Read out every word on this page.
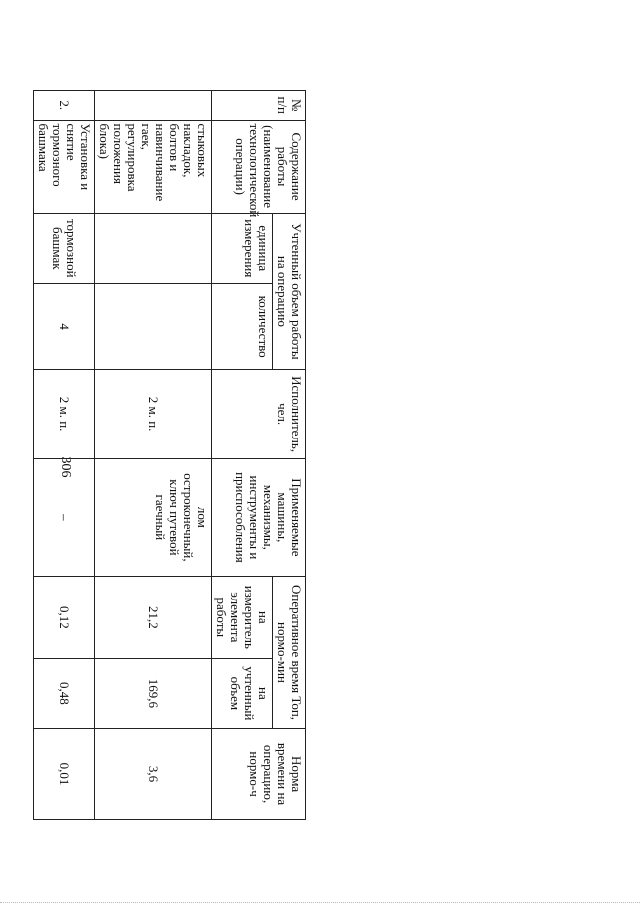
306
№ п/п	Содержание работы (наименование технологической операции)	Учтенный объем работы на операцию		Исполнитель, чел.	Применяемые машины, механизмы, инструменты и приспособления	Оперативное время Топ, нормо-мин		Норма времени на операцию, нормо-ч
		единица измерения	количество			на измеритель элемента работы	на учтенный объем	
	стыковых накладок, болтов и навинчивание гаек, регулировка положения блока)			2 м. п.	лом остроконечный, ключ путевой гаечный	21,2	169,6	3,6
2.	Установка и снятие тормозного башмака	тормозной башмак	4	2 м. п.	–	0,12	0,48	0,01
